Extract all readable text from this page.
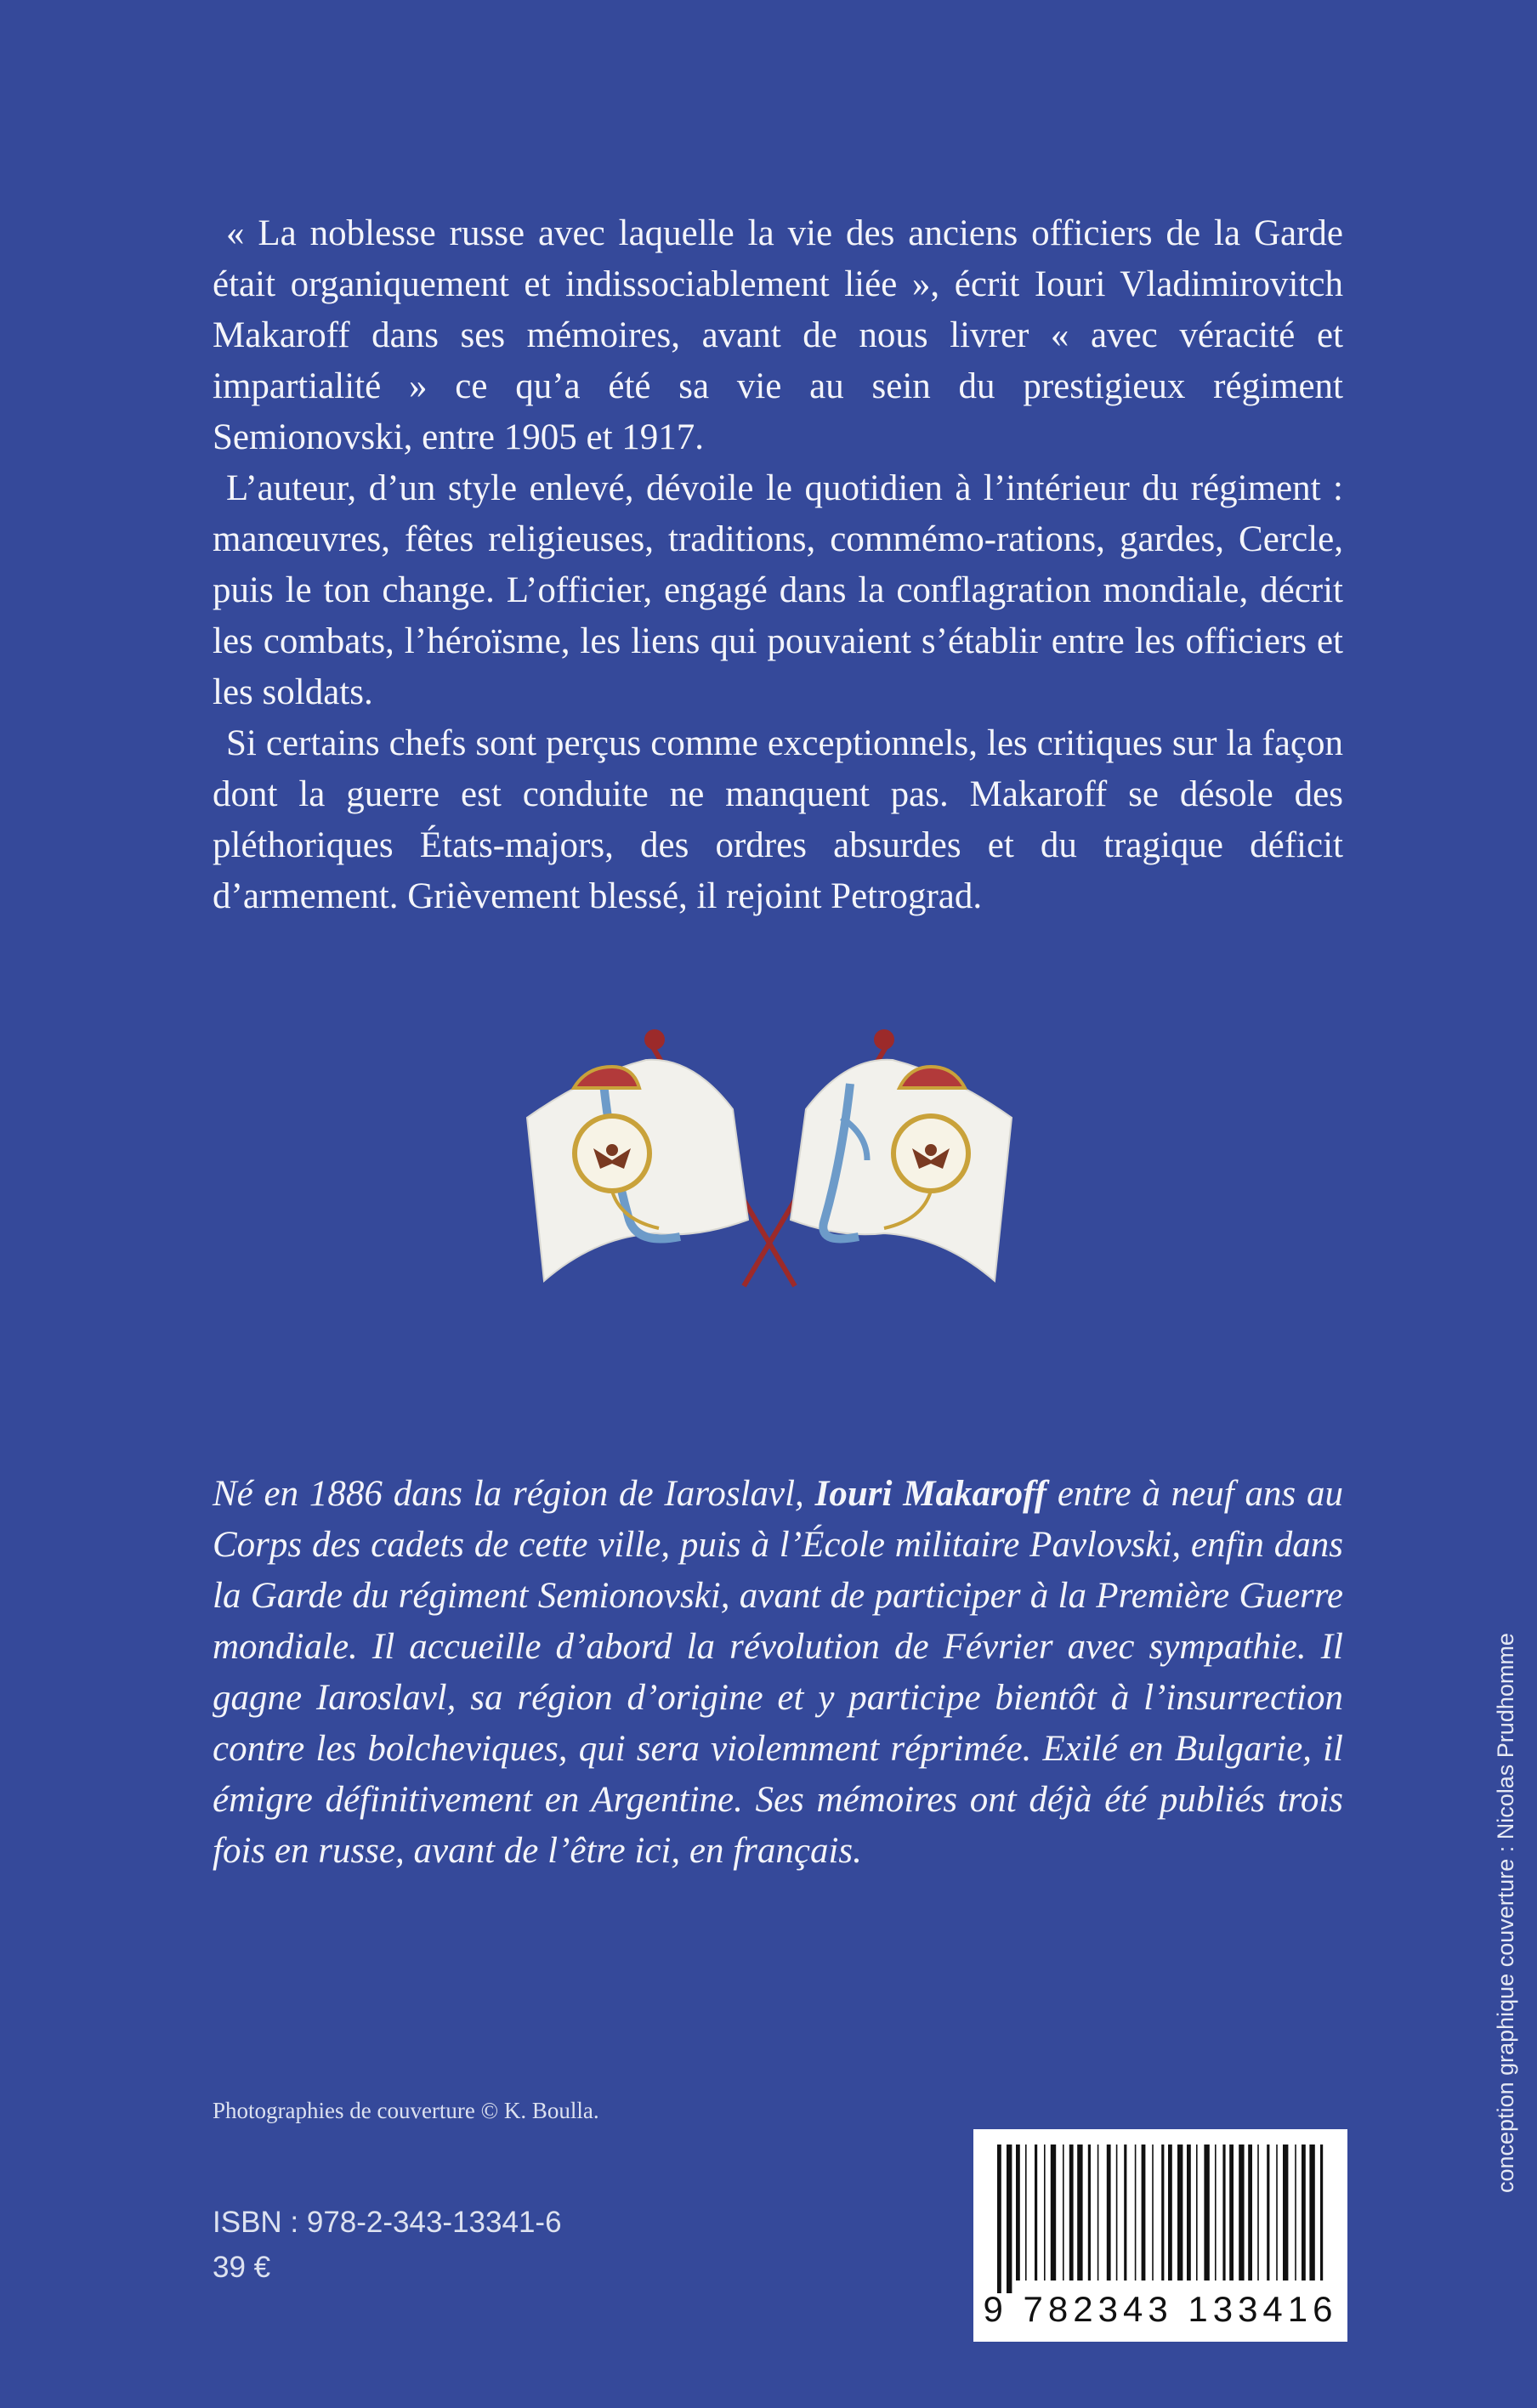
« La noblesse russe avec laquelle la vie des anciens officiers de la Garde était organiquement et indissociablement liée », écrit Iouri Vladimirovitch Makaroff dans ses mémoires, avant de nous livrer « avec véracité et impartialité » ce qu’a été sa vie au sein du prestigieux régiment Semionovski, entre 1905 et 1917.

L’auteur, d’un style enlevé, dévoile le quotidien à l’intérieur du régiment : manœuvres, fêtes religieuses, traditions, commémo-rations, gardes, Cercle, puis le ton change. L’officier, engagé dans la conflagration mondiale, décrit les combats, l’héroïsme, les liens qui pouvaient s’établir entre les officiers et les soldats.

Si certains chefs sont perçus comme exceptionnels, les critiques sur la façon dont la guerre est conduite ne manquent pas. Makaroff se désole des pléthoriques États-majors, des ordres absurdes et du tragique déficit d’armement. Grièvement blessé, il rejoint Petrograd.

Né en 1886 dans la région de Iaroslavl, Iouri Makaroff entre à neuf ans au Corps des cadets de cette ville, puis à l’École militaire Pavlovski, enfin dans la Garde du régiment Semionovski, avant de participer à la Première Guerre mondiale. Il accueille d’abord la révolution de Février avec sympathie. Il gagne Iaroslavl, sa région d’origine et y participe bientôt à l’insurrection contre les bolcheviques, qui sera violemment réprimée. Exilé en Bulgarie, il émigre définitivement en Argentine. Ses mémoires ont déjà été publiés trois fois en russe, avant de l’être ici, en français.
Photographies de couverture © K. Boulla.
ISBN : 978-2-343-13341-6
39 €
9 782343 133416
conception graphique couverture : Nicolas Prudhomme
